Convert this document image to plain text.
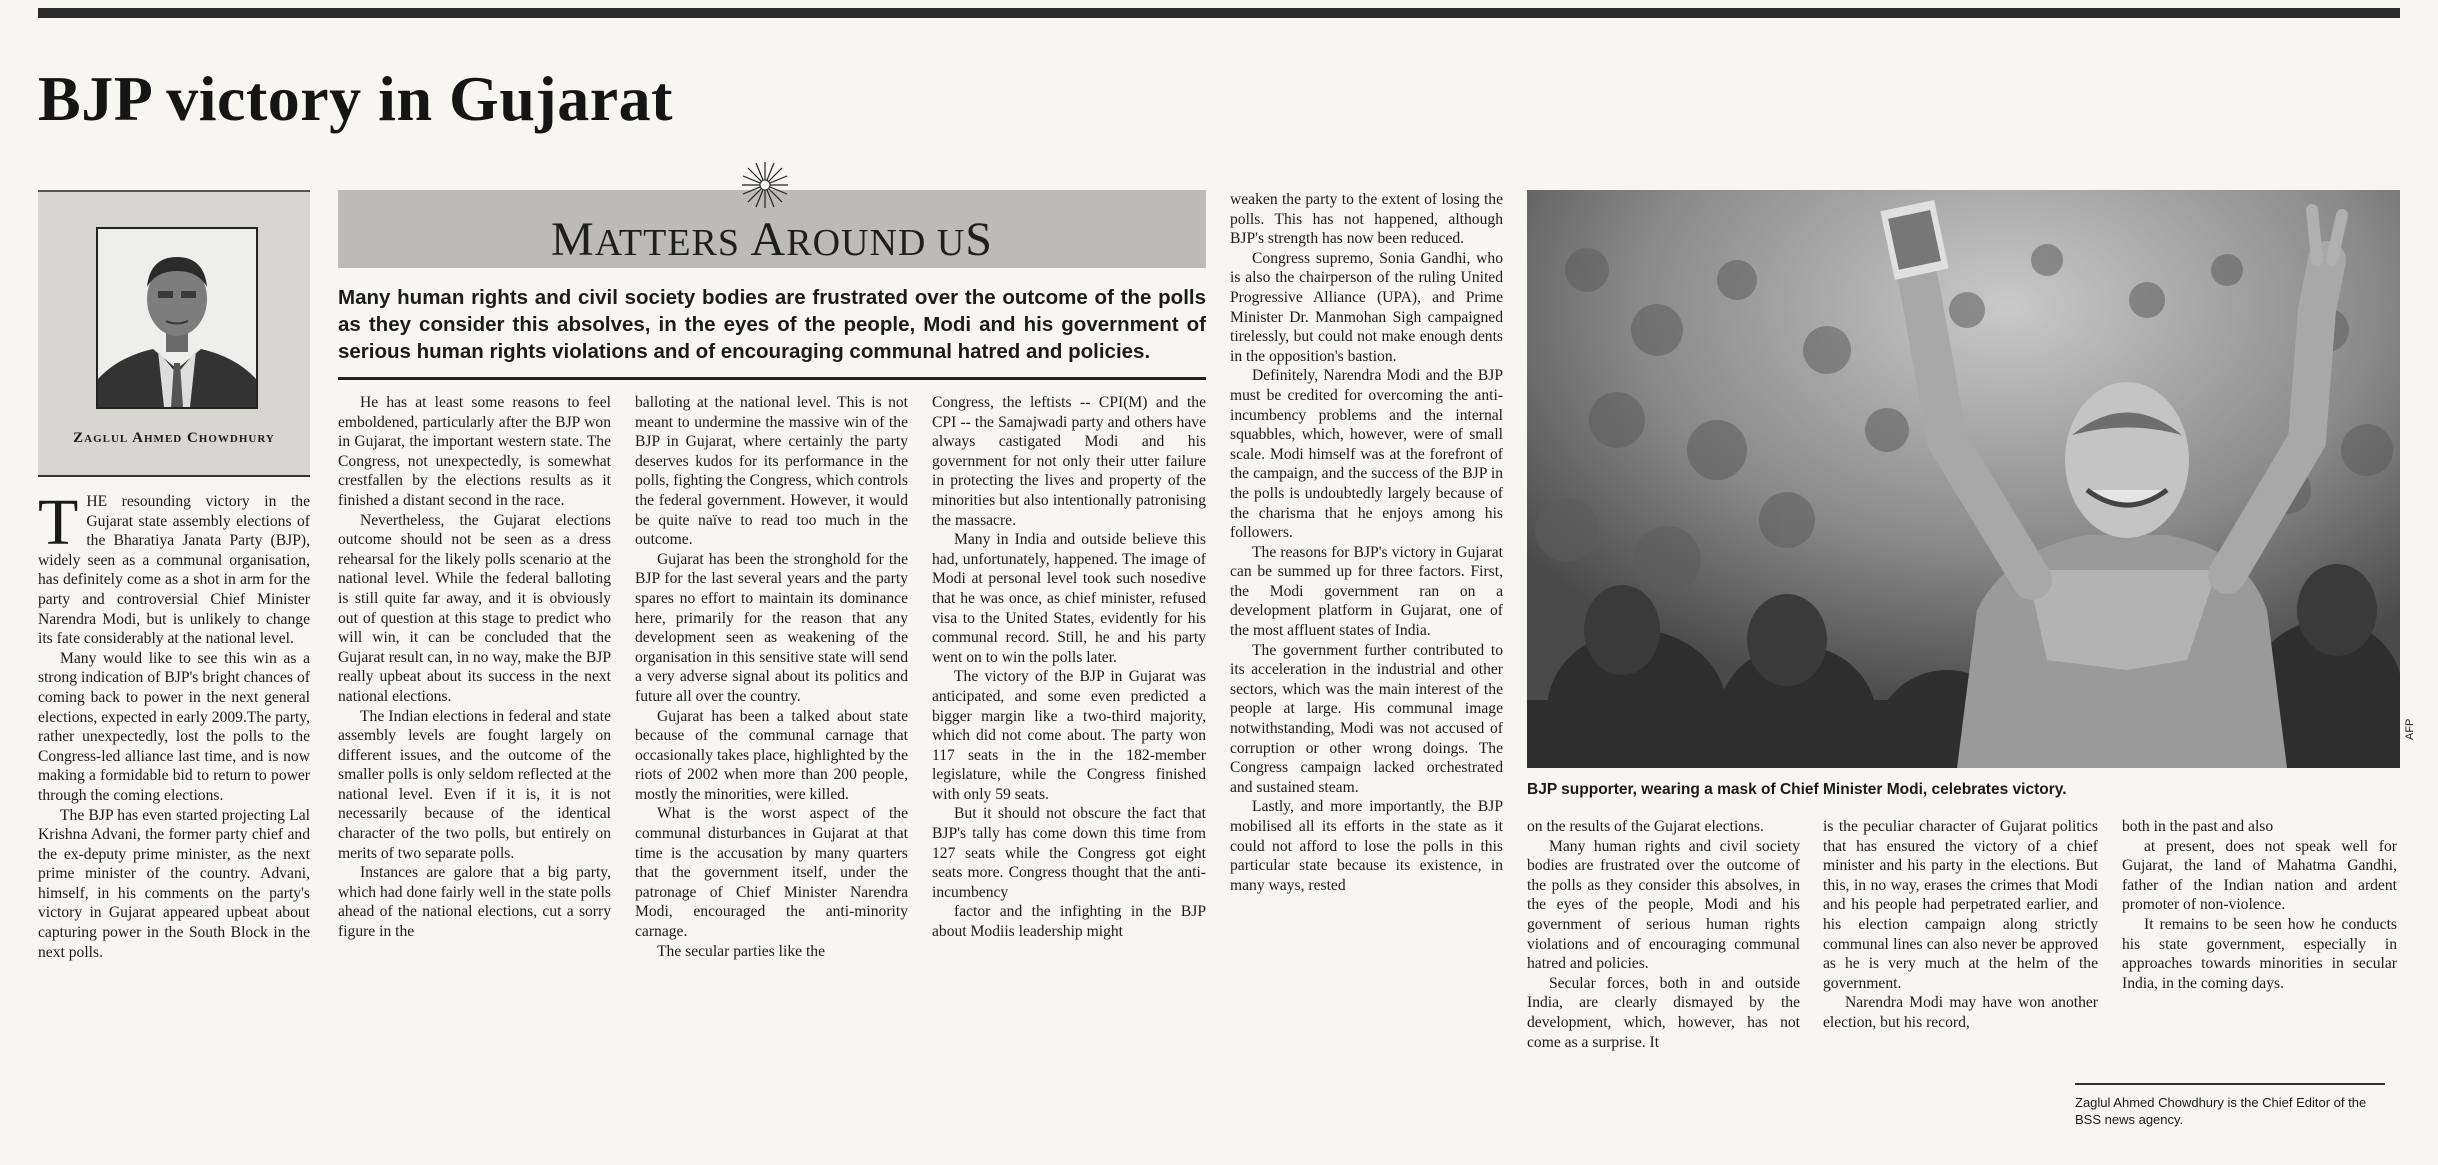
BJP victory in Gujarat
Zaglul Ahmed Chowdhury
MATTERS AROUND US
Many human rights and civil society bodies are frustrated over the outcome of the polls as they consider this absolves, in the eyes of the people, Modi and his government of serious human rights violations and of encouraging communal hatred and policies.

THE resounding victory in the Gujarat state assembly elections of the Bharatiya Janata Party (BJP), widely seen as a communal organisation, has definitely come as a shot in arm for the party and controversial Chief Minister Narendra Modi, but is unlikely to change its fate considerably at the national level.

Many would like to see this win as a strong indication of BJP's bright chances of coming back to power in the next general elections, expected in early 2009.The party, rather unexpectedly, lost the polls to the Congress-led alliance last time, and is now making a formidable bid to return to power through the coming elections.

The BJP has even started projecting Lal Krishna Advani, the former party chief and the ex-deputy prime minister, as the next prime minister of the country. Advani, himself, in his comments on the party's victory in Gujarat appeared upbeat about capturing power in the South Block in the next polls.

He has at least some reasons to feel emboldened, particularly after the BJP won in Gujarat, the important western state. The Congress, not unexpectedly, is somewhat crestfallen by the elections results as it finished a distant second in the race.

Nevertheless, the Gujarat elections outcome should not be seen as a dress rehearsal for the likely polls scenario at the national level. While the federal balloting is still quite far away, and it is obviously out of question at this stage to predict who will win, it can be concluded that the Gujarat result can, in no way, make the BJP really upbeat about its success in the next national elections.

The Indian elections in federal and state assembly levels are fought largely on different issues, and the outcome of the smaller polls is only seldom reflected at the national level. Even if it is, it is not necessarily because of the identical character of the two polls, but entirely on merits of two separate polls.

Instances are galore that a big party, which had done fairly well in the state polls ahead of the national elections, cut a sorry figure in the

balloting at the national level. This is not meant to undermine the massive win of the BJP in Gujarat, where certainly the party deserves kudos for its performance in the polls, fighting the Congress, which controls the federal government. However, it would be quite naïve to read too much in the outcome.

Gujarat has been the stronghold for the BJP for the last several years and the party spares no effort to maintain its dominance here, primarily for the reason that any development seen as weakening of the organisation in this sensitive state will send a very adverse signal about its politics and future all over the country.

Gujarat has been a talked about state because of the communal carnage that occasionally takes place, highlighted by the riots of 2002 when more than 200 people, mostly the minorities, were killed.

What is the worst aspect of the communal disturbances in Gujarat at that time is the accusation by many quarters that the government itself, under the patronage of Chief Minister Narendra Modi, encouraged the anti-minority carnage.

The secular parties like the

Congress, the leftists -- CPI(M) and the CPI -- the Samajwadi party and others have always castigated Modi and his government for not only their utter failure in protecting the lives and property of the minorities but also intentionally patronising the massacre.

Many in India and outside believe this had, unfortunately, happened. The image of Modi at personal level took such nosedive that he was once, as chief minister, refused visa to the United States, evidently for his communal record. Still, he and his party went on to win the polls later.

The victory of the BJP in Gujarat was anticipated, and some even predicted a bigger margin like a two-third majority, which did not come about. The party won 117 seats in the in the 182-member legislature, while the Congress finished with only 59 seats.

But it should not obscure the fact that BJP's tally has come down this time from 127 seats while the Congress got eight seats more. Congress thought that the anti-incumbency

factor and the infighting in the BJP about Modiis leadership might

weaken the party to the extent of losing the polls. This has not happened, although BJP's strength has now been reduced.

Congress supremo, Sonia Gandhi, who is also the chairperson of the ruling United Progressive Alliance (UPA), and Prime Minister Dr. Manmohan Sigh campaigned tirelessly, but could not make enough dents in the opposition's bastion.

Definitely, Narendra Modi and the BJP must be credited for overcoming the anti-incumbency problems and the internal squabbles, which, however, were of small scale. Modi himself was at the forefront of the campaign, and the success of the BJP in the polls is undoubtedly largely because of the charisma that he enjoys among his followers.

The reasons for BJP's victory in Gujarat can be summed up for three factors. First, the Modi government ran on a development platform in Gujarat, one of the most affluent states of India.

The government further contributed to its acceleration in the industrial and other sectors, which was the main interest of the people at large. His communal image notwithstanding, Modi was not accused of corruption or other wrong doings. The Congress campaign lacked orchestrated and sustained steam.

Lastly, and more importantly, the BJP mobilised all its efforts in the state as it could not afford to lose the polls in this particular state because its existence, in many ways, rested

BJP supporter, wearing a mask of Chief Minister Modi, celebrates victory.
AFP

on the results of the Gujarat elections.

Many human rights and civil society bodies are frustrated over the outcome of the polls as they consider this absolves, in the eyes of the people, Modi and his government of serious human rights violations and of encouraging communal hatred and policies.

Secular forces, both in and outside India, are clearly dismayed by the development, which, however, has not come as a surprise. It

is the peculiar character of Gujarat politics that has ensured the victory of a chief minister and his party in the elections. But this, in no way, erases the crimes that Modi and his people had perpetrated earlier, and his election campaign along strictly communal lines can also never be approved as he is very much at the helm of the government.

Narendra Modi may have won another election, but his record,

both in the past and also

at present, does not speak well for Gujarat, the land of Mahatma Gandhi, father of the Indian nation and ardent promoter of non-violence.

It remains to be seen how he conducts his state government, especially in approaches towards minorities in secular India, in the coming days.

Zaglul Ahmed Chowdhury is the Chief Editor of the BSS news agency.
